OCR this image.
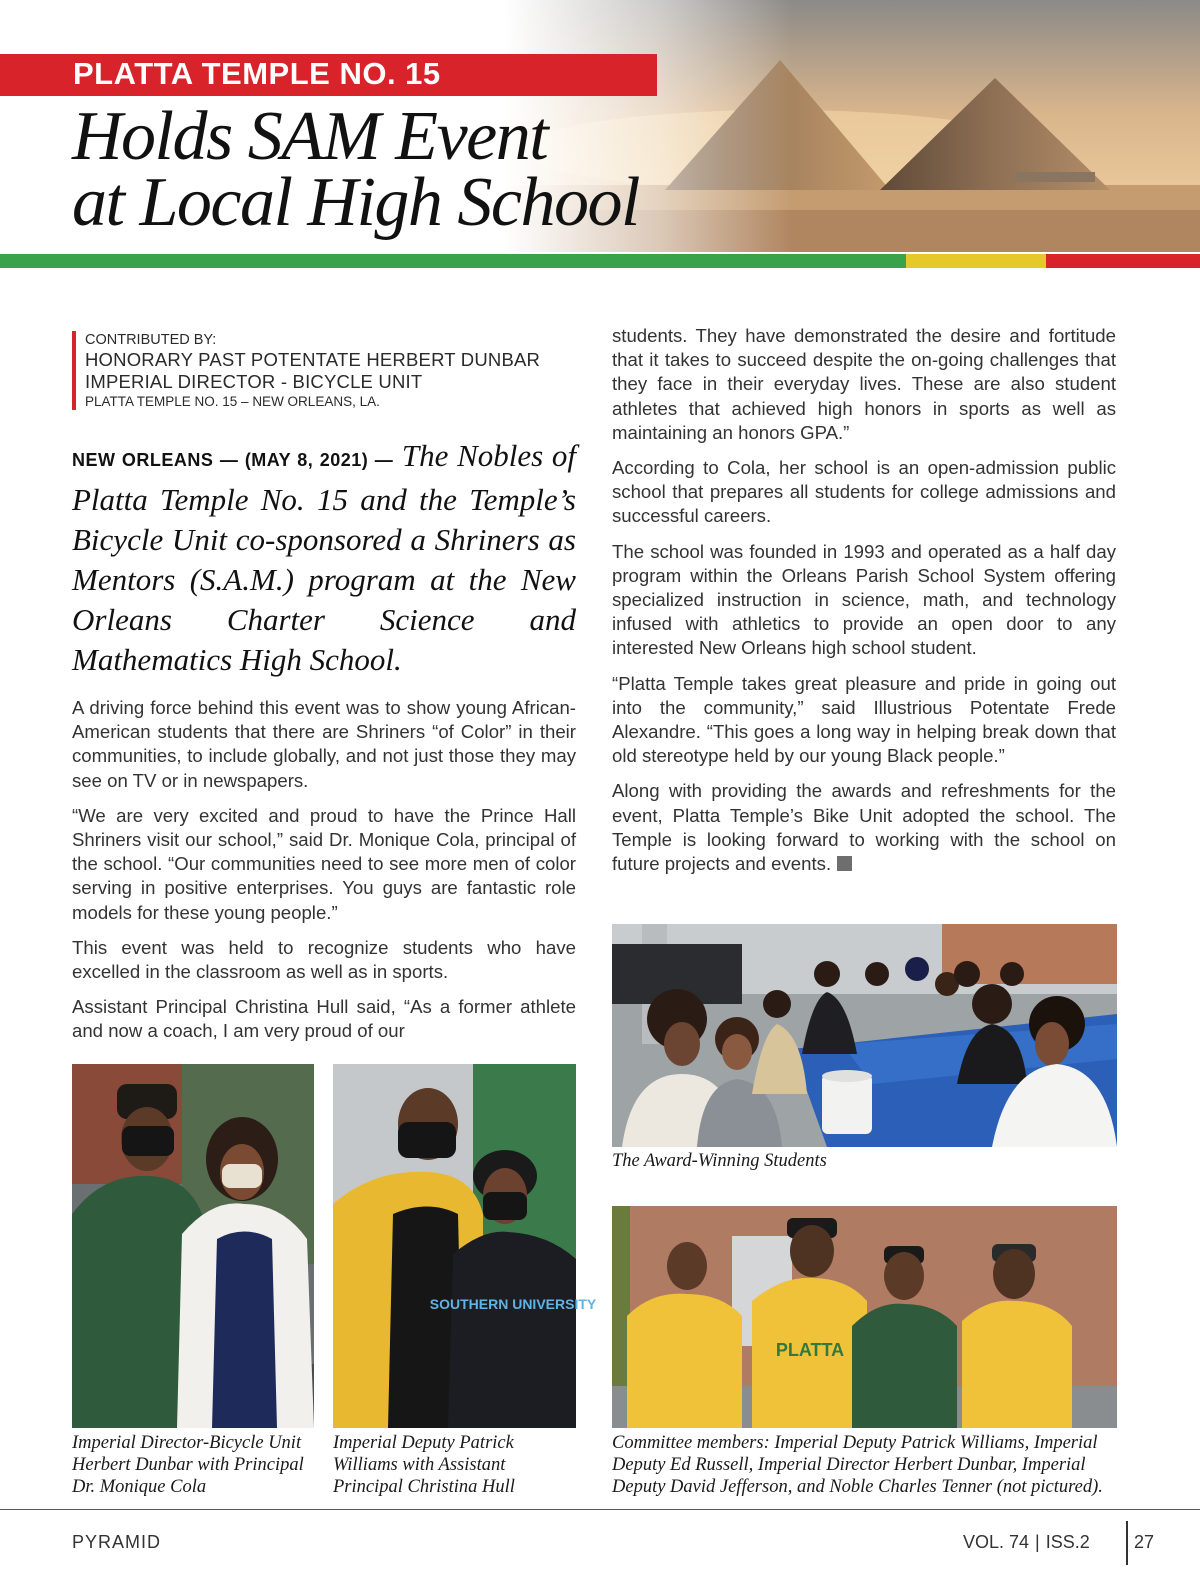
PLATTA TEMPLE NO. 15
Holds SAM Event
at Local High School
CONTRIBUTED BY:
HONORARY PAST POTENTATE HERBERT DUNBAR
IMPERIAL DIRECTOR - BICYCLE UNIT
PLATTA TEMPLE NO. 15 – NEW ORLEANS, LA.
NEW ORLEANS — (MAY 8, 2021) — The Nobles of Platta Temple No. 15 and the Temple’s Bicycle Unit co-sponsored a Shriners as Mentors (S.A.M.) program at the New Orleans Charter Science and Mathematics High School.

A driving force behind this event was to show young African-American students that there are Shriners “of Color” in their communities, to include globally, and not just those they may see on TV or in newspapers.

“We are very excited and proud to have the Prince Hall Shriners visit our school,” said Dr. Monique Cola, principal of the school. “Our communities need to see more men of color serving in positive enterprises. You guys are fantastic role models for these young people.”

This event was held to recognize students who have excelled in the classroom as well as in sports.

Assistant Principal Christina Hull said, “As a former athlete and now a coach, I am very proud of our

students. They have demonstrated the desire and fortitude that it takes to succeed despite the on-going challenges that they face in their everyday lives. These are also student athletes that achieved high honors in sports as well as maintaining an honors GPA.”

According to Cola, her school is an open-admission public school that prepares all students for college admissions and successful careers.

The school was founded in 1993 and operated as a half day program within the Orleans Parish School System offering specialized instruction in science, math, and technology infused with athletics to provide an open door to any interested New Orleans high school student.

“Platta Temple takes great pleasure and pride in going out into the community,” said Illustrious Potentate Frede Alexandre. “This goes a long way in helping break down that old stereotype held by our young Black people.”

Along with providing the awards and refreshments for the event, Platta Temple’s Bike Unit adopted the school. The Temple is looking forward to working with the school on future projects and events.

The Award-Winning Students
Imperial Director-Bicycle Unit Herbert Dunbar with Principal Dr. Monique Cola
SOUTHERN UNIVERSITY
Imperial Deputy Patrick Williams with Assistant Principal Christina Hull
PLATTA
Committee members: Imperial Deputy Patrick Williams, Imperial Deputy Ed Russell, Imperial Director Herbert Dunbar, Imperial Deputy David Jefferson, and Noble Charles Tenner (not pictured).
PYRAMID	VOL. 74 | ISS.2 27
